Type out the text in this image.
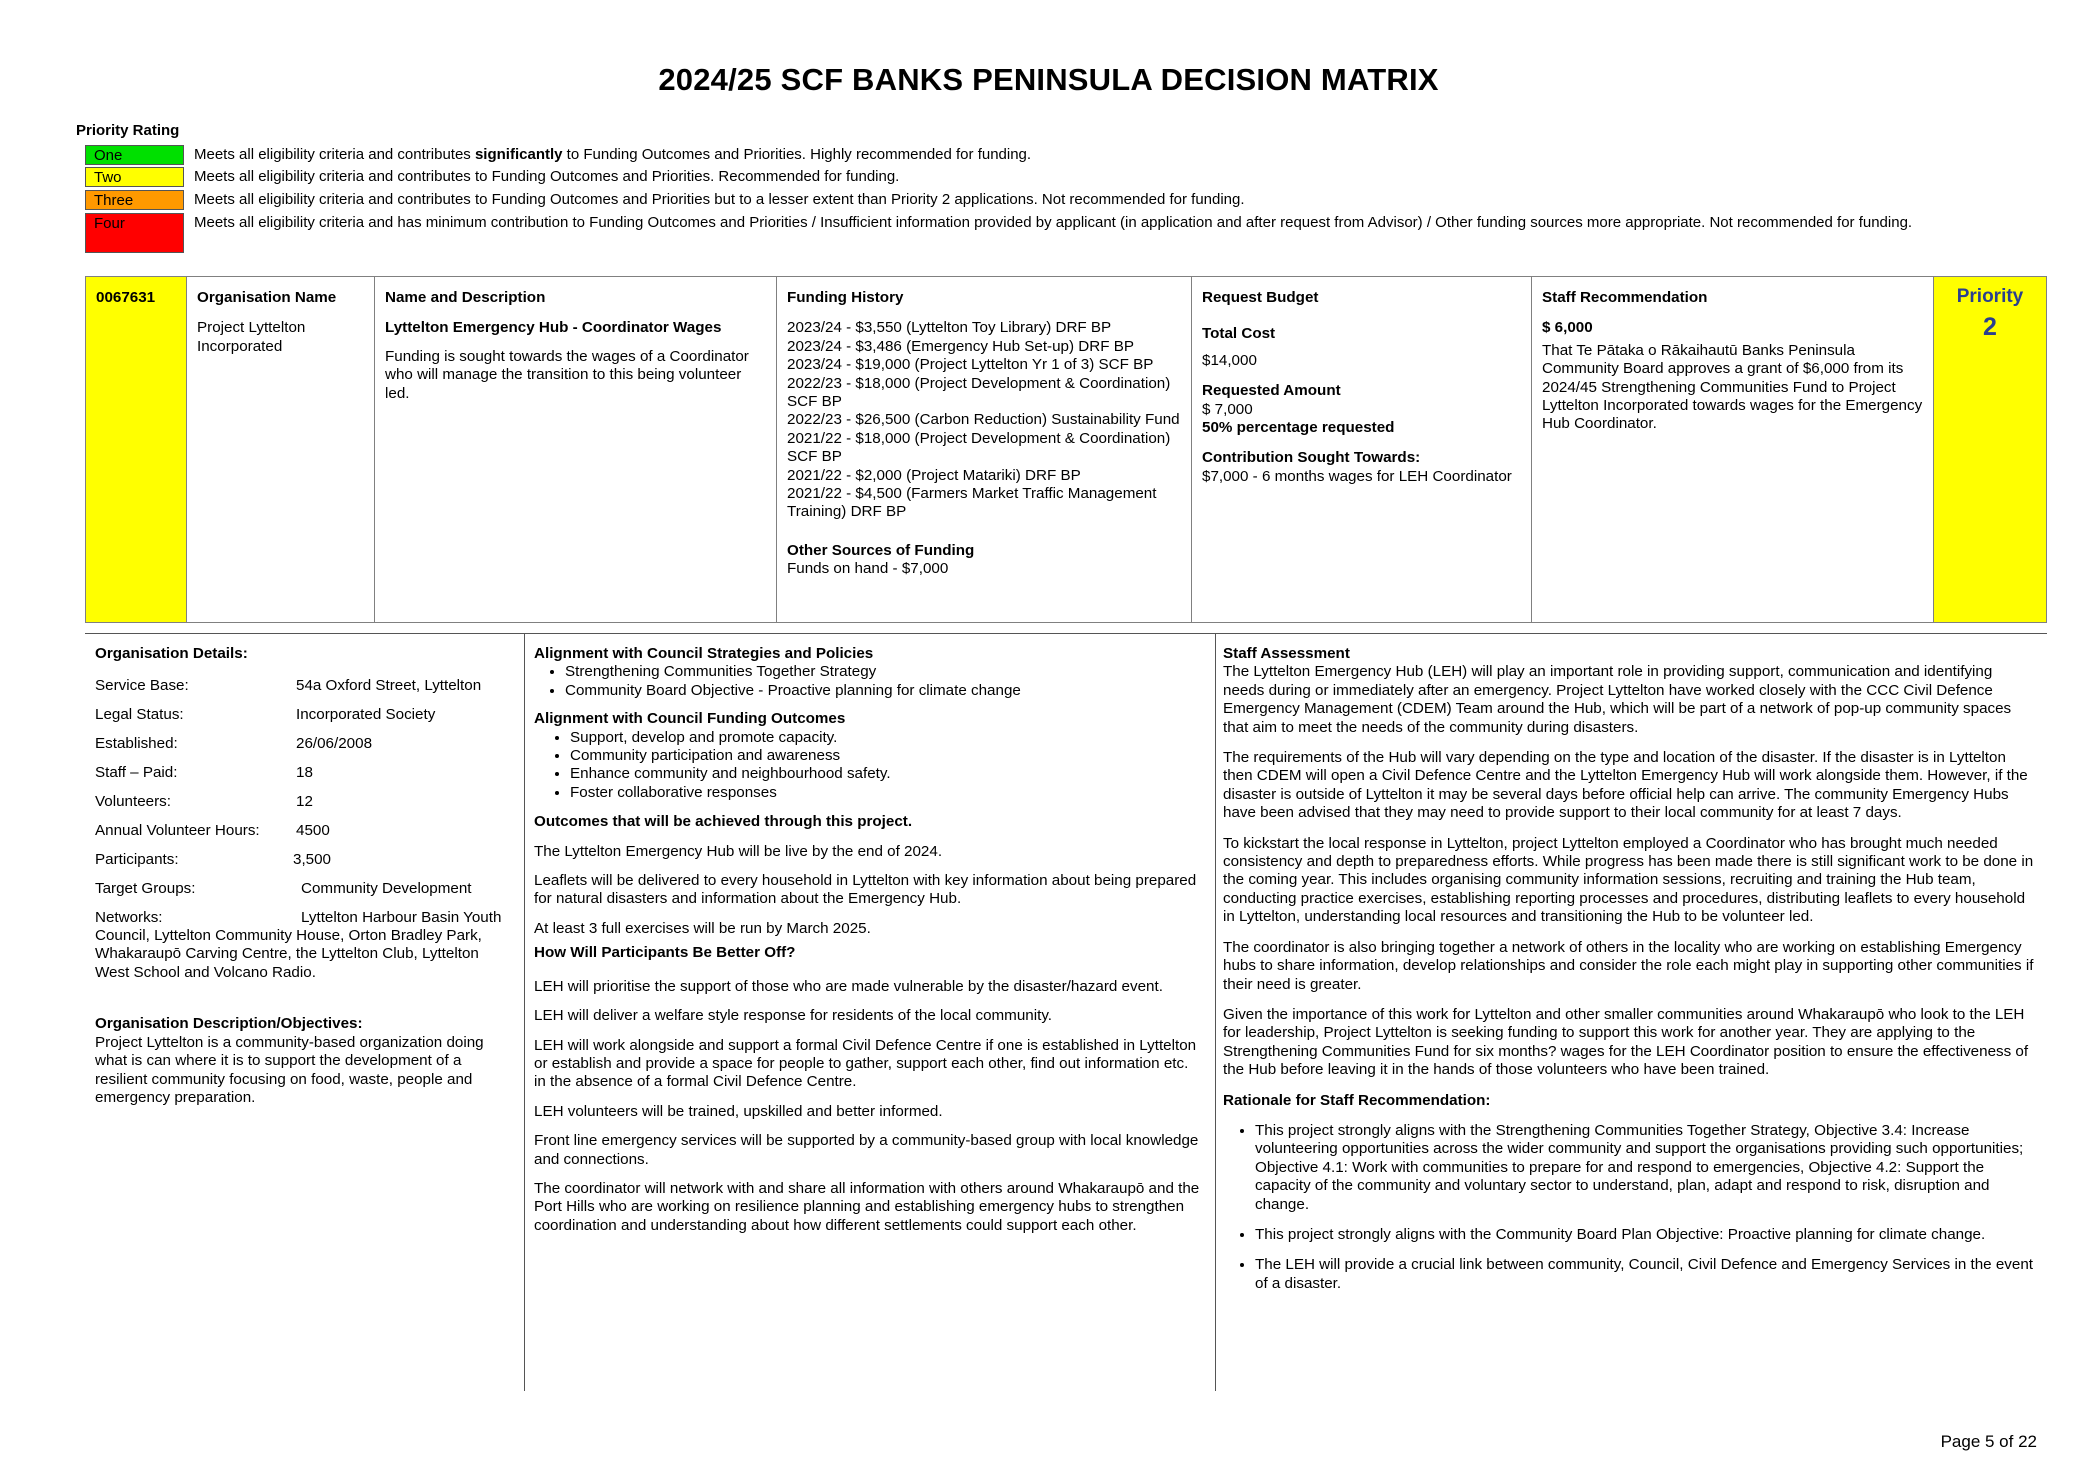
2024/25 SCF BANKS PENINSULA DECISION MATRIX
Priority Rating
One	Meets all eligibility criteria and contributes significantly to Funding Outcomes and Priorities. Highly recommended for funding.
Two	Meets all eligibility criteria and contributes to Funding Outcomes and Priorities. Recommended for funding.
Three	Meets all eligibility criteria and contributes to Funding Outcomes and Priorities but to a lesser extent than Priority 2 applications. Not recommended for funding.
Four	Meets all eligibility criteria and has minimum contribution to Funding Outcomes and Priorities / Insufficient information provided by applicant (in application and after request from Advisor) / Other funding sources more appropriate. Not recommended for funding.
0067631	Organisation Name
Project Lyttelton Incorporated
Name and Description
Lyttelton Emergency Hub - Coordinator Wages
Funding is sought towards the wages of a Coordinator who will manage the transition to this being volunteer led.
Funding History
2023/24 - $3,550 (Lyttelton Toy Library) DRF BP
2023/24 - $3,486 (Emergency Hub Set-up) DRF BP
2023/24 - $19,000 (Project Lyttelton Yr 1 of 3) SCF BP
2022/23 - $18,000 (Project Development & Coordination) SCF BP
2022/23 - $26,500 (Carbon Reduction) Sustainability Fund
2021/22 - $18,000 (Project Development & Coordination) SCF BP
2021/22 - $2,000 (Project Matariki) DRF BP
2021/22 - $4,500 (Farmers Market Traffic Management Training) DRF BP
Other Sources of Funding
Funds on hand - $7,000
Request Budget
Total Cost
$14,000
Requested Amount
$ 7,000
50% percentage requested
Contribution Sought Towards:
$7,000 - 6 months wages for LEH Coordinator
Staff Recommendation
$ 6,000
That Te Pātaka o Rākaihautū Banks Peninsula Community Board approves a grant of $6,000 from its 2024/45 Strengthening Communities Fund to Project Lyttelton Incorporated towards wages for the Emergency Hub Coordinator.
Priority
2
Organisation Details:
Service Base:	54a Oxford Street, Lyttelton
Legal Status:	Incorporated Society
Established:	26/06/2008
Staff – Paid:	18
Volunteers:	12
Annual Volunteer Hours: 4500
Participants:	3,500
Target Groups:	Community Development
Networks:	Lyttelton Harbour Basin Youth
Council, Lyttelton Community House, Orton Bradley Park, Whakaraupō Carving Centre, the Lyttelton Club, Lyttelton West School and Volcano Radio.
Organisation Description/Objectives:
Project Lyttelton is a community-based organization doing what is can where it is to support the development of a resilient community focusing on food, waste, people and emergency preparation.
Alignment with Council Strategies and Policies
• Strengthening Communities Together Strategy
• Community Board Objective - Proactive planning for climate change
Alignment with Council Funding Outcomes
• Support, develop and promote capacity.
• Community participation and awareness
• Enhance community and neighbourhood safety.
• Foster collaborative responses
Outcomes that will be achieved through this project.

The Lyttelton Emergency Hub will be live by the end of 2024.

Leaflets will be delivered to every household in Lyttelton with key information about being prepared for natural disasters and information about the Emergency Hub.

At least 3 full exercises will be run by March 2025.

How Will Participants Be Better Off?

LEH will prioritise the support of those who are made vulnerable by the disaster/hazard event.

LEH will deliver a welfare style response for residents of the local community.

LEH will work alongside and support a formal Civil Defence Centre if one is established in Lyttelton or establish and provide a space for people to gather, support each other, find out information etc. in the absence of a formal Civil Defence Centre.

LEH volunteers will be trained, upskilled and better informed.

Front line emergency services will be supported by a community-based group with local knowledge and connections.

The coordinator will network with and share all information with others around Whakaraupō and the Port Hills who are working on resilience planning and establishing emergency hubs to strengthen coordination and understanding about how different settlements could support each other.

Staff Assessment

The Lyttelton Emergency Hub (LEH) will play an important role in providing support, communication and identifying needs during or immediately after an emergency. Project Lyttelton have worked closely with the CCC Civil Defence Emergency Management (CDEM) Team around the Hub, which will be part of a network of pop-up community spaces that aim to meet the needs of the community during disasters.

The requirements of the Hub will vary depending on the type and location of the disaster. If the disaster is in Lyttelton then CDEM will open a Civil Defence Centre and the Lyttelton Emergency Hub will work alongside them. However, if the disaster is outside of Lyttelton it may be several days before official help can arrive. The community Emergency Hubs have been advised that they may need to provide support to their local community for at least 7 days.

To kickstart the local response in Lyttelton, project Lyttelton employed a Coordinator who has brought much needed consistency and depth to preparedness efforts. While progress has been made there is still significant work to be done in the coming year. This includes organising community information sessions, recruiting and training the Hub team, conducting practice exercises, establishing reporting processes and procedures, distributing leaflets to every household in Lyttelton, understanding local resources and transitioning the Hub to be volunteer led.

The coordinator is also bringing together a network of others in the locality who are working on establishing Emergency hubs to share information, develop relationships and consider the role each might play in supporting other communities if their need is greater.

Given the importance of this work for Lyttelton and other smaller communities around Whakaraupō who look to the LEH for leadership, Project Lyttelton is seeking funding to support this work for another year. They are applying to the Strengthening Communities Fund for six months? wages for the LEH Coordinator position to ensure the effectiveness of the Hub before leaving it in the hands of those volunteers who have been trained.

Rationale for Staff Recommendation:
• This project strongly aligns with the Strengthening Communities Together Strategy, Objective 3.4: Increase volunteering opportunities across the wider community and support the organisations providing such opportunities; Objective 4.1: Work with communities to prepare for and respond to emergencies, Objective 4.2: Support the capacity of the community and voluntary sector to understand, plan, adapt and respond to risk, disruption and change.
• This project strongly aligns with the Community Board Plan Objective: Proactive planning for climate change.
• The LEH will provide a crucial link between community, Council, Civil Defence and Emergency Services in the event of a disaster.
Page 5 of 22
